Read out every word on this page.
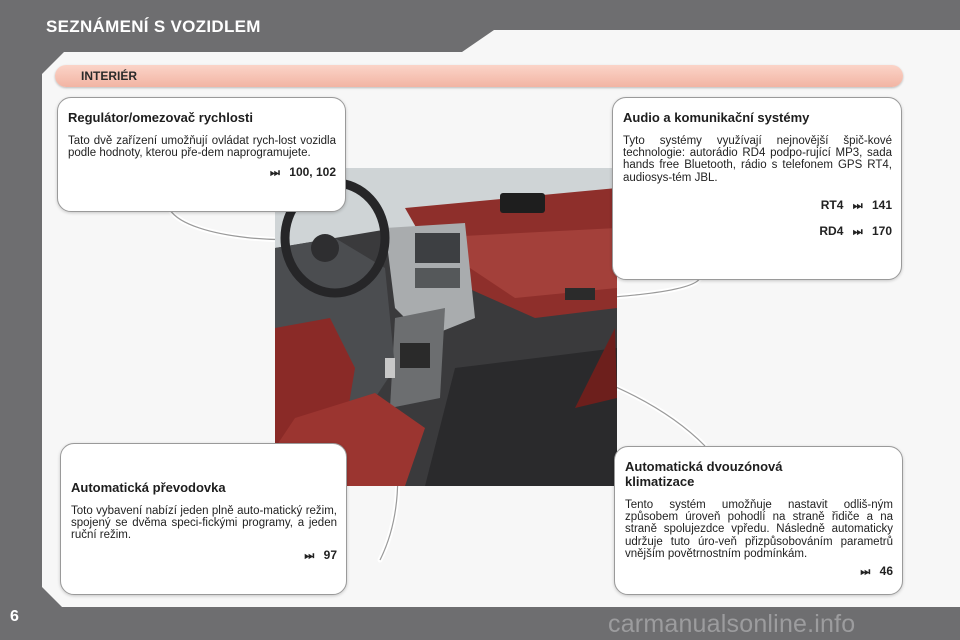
SEZNÁMENÍ S VOZIDLEM
INTERIÉR
Regulátor/omezovač rychlosti
Tato dvě zařízení umožňují ovládat rych-lost vozidla podle hodnoty, kterou pře-dem naprogramujete.
⏭ 100, 102
Audio a komunikační systémy
Tyto systémy využívají nejnovější špič-kové technologie: autorádio RD4 podpo-rující MP3, sada hands free Bluetooth, rádio s telefonem GPS RT4, audiosys-tém JBL.
RT4 ⏭ 141
RD4 ⏭ 170
Automatická převodovka
Toto vybavení nabízí jeden plně auto-matický režim, spojený se dvěma speci-fickými programy, a jeden ruční režim.
⏭ 97
Automatická dvouzónová klimatizace
Tento systém umožňuje nastavit odliš-ným způsobem úroveň pohodlí na straně řidiče a na straně spolujezdce vpředu. Následně automaticky udržuje tuto úro-veň přizpůsobováním parametrů vnějším povětrnostním podmínkám.
⏭ 46
6	carmanualsonline.info
